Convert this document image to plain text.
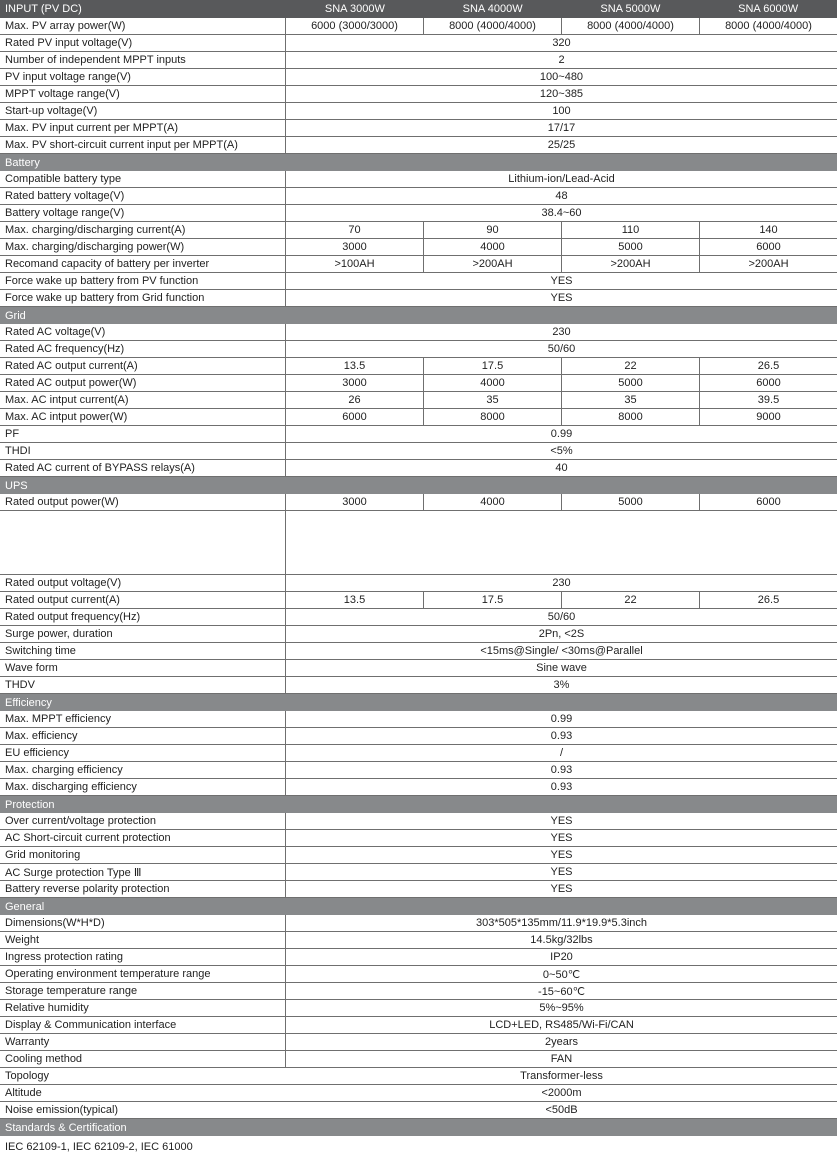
INPUT (PV DC)	SNA 3000W	SNA 4000W	SNA 5000W	SNA 6000W
Max. PV array power(W)	6000 (3000/3000)	8000 (4000/4000)	8000 (4000/4000)	8000 (4000/4000)
Rated PV input voltage(V)	320
Number of independent MPPT inputs	2
PV input voltage range(V)	100~480
MPPT voltage range(V)	120~385
Start-up voltage(V)	100
Max. PV input current per MPPT(A)	17/17
Max. PV short-circuit current input per MPPT(A)	25/25
Battery
Compatible battery type	Lithium-ion/Lead-Acid
Rated battery voltage(V)	48
Battery voltage range(V)	38.4~60
Max. charging/discharging current(A)	70	90	110	140
Max. charging/discharging power(W)	3000	4000	5000	6000
Recomand capacity of battery per inverter	>100AH	>200AH	>200AH	>200AH
Force wake up battery from PV function	YES
Force wake up battery from Grid function	YES
Grid
Rated AC voltage(V)	230
Rated AC frequency(Hz)	50/60
Rated AC output current(A)	13.5	17.5	22	26.5
Rated AC output power(W)	3000	4000	5000	6000
Max. AC intput current(A)	26	35	35	39.5
Max. AC intput power(W)	6000	8000	8000	9000
PF	0.99
THDI	<5%
Rated AC current of BYPASS relays(A)	40
UPS
Rated output power(W)	3000	4000	5000	6000
Rated output voltage(V)	230
Rated output current(A)	13.5	17.5	22	26.5
Rated output frequency(Hz)	50/60
Surge power, duration	2Pn, <2S
Switching time	<15ms@Single/ <30ms@Parallel
Wave form	Sine wave
THDV	3%
Efficiency
Max. MPPT efficiency	0.99
Max. efficiency	0.93
EU efficiency	/
Max. charging efficiency	0.93
Max. discharging efficiency	0.93
Protection
Over current/voltage protection	YES
AC Short-circuit current protection	YES
Grid monitoring	YES
AC Surge protection Type Ⅲ	YES
Battery reverse polarity protection	YES
General
Dimensions(W*H*D)	303*505*135mm/11.9*19.9*5.3inch
Weight	14.5kg/32lbs
Ingress protection rating	IP20
Operating environment temperature range	0~50℃
Storage temperature range	-15~60℃
Relative humidity	5%~95%
Display & Communication interface	LCD+LED, RS485/Wi-Fi/CAN
Warranty	2years
Cooling method	FAN
Topology	Transformer-less
Altitude	<2000m
Noise emission(typical)	<50dB
Standards & Certification
IEC 62109-1, IEC 62109-2, IEC 61000
